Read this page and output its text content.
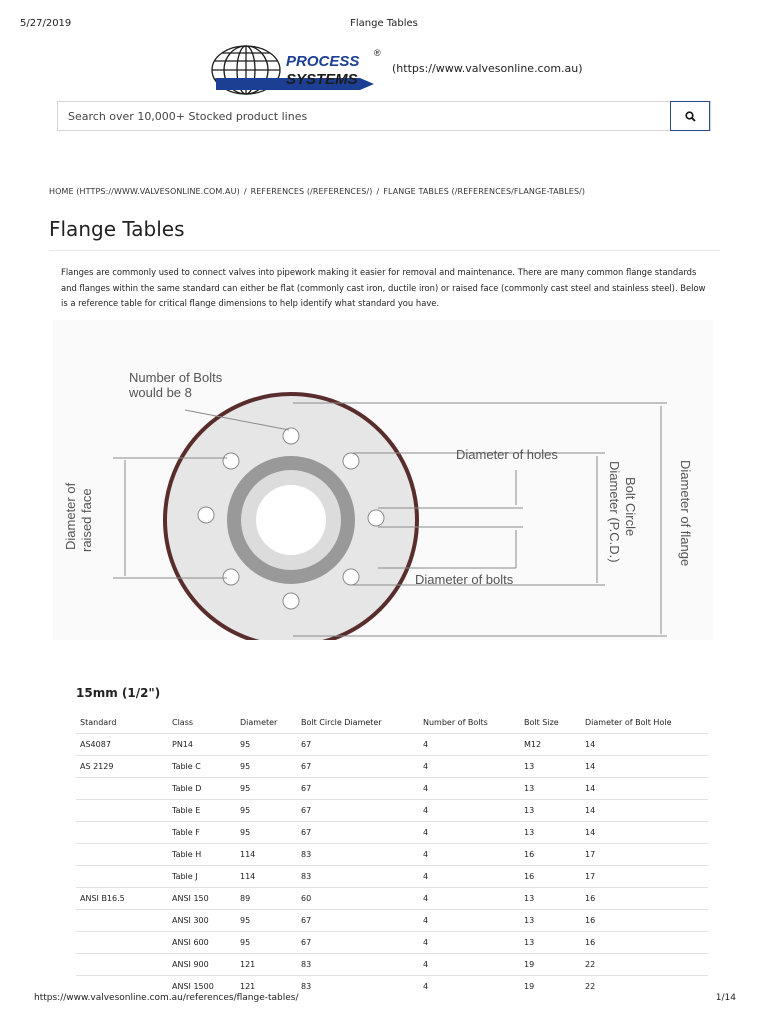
5/27/2019	Flange Tables
PROCESS
SYSTEMS
®
(https://www.valvesonline.com.au)
Search over 10,000+ Stocked product lines
HOME (HTTPS://WWW.VALVESONLINE.COM.AU) / REFERENCES (/REFERENCES/) / FLANGE TABLES (/REFERENCES/FLANGE-TABLES/)
Flange Tables

Flanges are commonly used to connect valves into pipework making it easier for removal and maintenance. There are many common flange standards and flanges within the same standard can either be flat (commonly cast iron, ductile iron) or raised face (commonly cast steel and stainless steel). Below is a reference table for critical flange dimensions to help identify what standard you have.

Number of Bolts
would be 8
Diameter of holes
Diameter of bolts
Diameter of raised face	Bolt Circle
Diameter (P.C.D.)	Diameter of flange
15mm (1/2")
Standard	Class	Diameter	Bolt Circle Diameter	Number of Bolts	Bolt Size	Diameter of Bolt Hole
AS4087	PN14	95	67	4	M12	14
AS 2129	Table C	95	67	4	13	14
	Table D	95	67	4	13	14
	Table E	95	67	4	13	14
	Table F	95	67	4	13	14
	Table H	114	83	4	16	17
	Table J	114	83	4	16	17
ANSI B16.5	ANSI 150	89	60	4	13	16
	ANSI 300	95	67	4	13	16
	ANSI 600	95	67	4	13	16
	ANSI 900	121	83	4	19	22
	ANSI 1500	121	83	4	19	22
https://www.valvesonline.com.au/references/flange-tables/	1/14
